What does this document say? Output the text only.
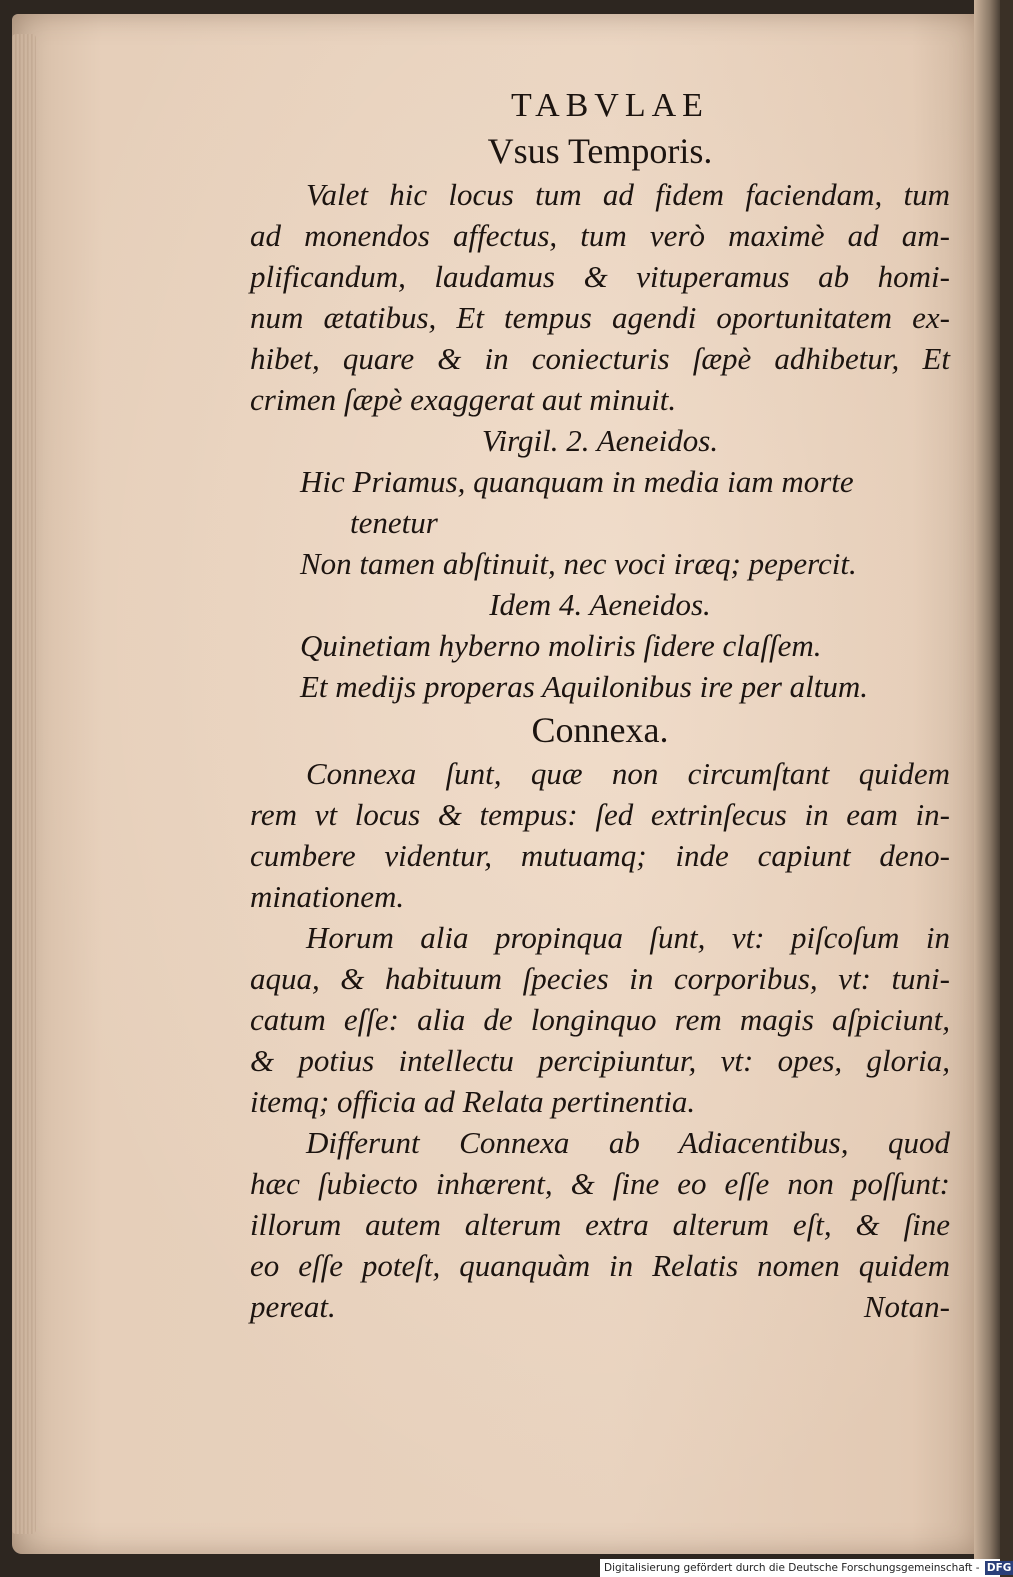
TABVLAE
Vsus Temporis.
Valet hic locus tum ad fidem faciendam, tum
ad monendos affectus, tum verò maximè ad am-
plificandum, laudamus & vituperamus ab homi-
num ætatibus, Et tempus agendi oportunitatem ex-
hibet, quare & in coniecturis ſæpè adhibetur, Et
crimen ſæpè exaggerat aut minuit.
Virgil. 2. Aeneidos.
Hic Priamus, quanquam in media iam morte
tenetur
Non tamen abſtinuit, nec voci iræq; pepercit.
Idem 4. Aeneidos.
Quinetiam hyberno moliris ſidere claſſem.
Et medijs properas Aquilonibus ire per altum.
Connexa.
Connexa ſunt, quæ non circumſtant quidem
rem vt locus & tempus: ſed extrinſecus in eam in-
cumbere videntur, mutuamq; inde capiunt deno-
minationem.
Horum alia propinqua ſunt, vt: piſcoſum in
aqua, & habituum ſpecies in corporibus, vt: tuni-
catum eſſe: alia de longinquo rem magis aſpiciunt,
& potius intellectu percipiuntur, vt: opes, gloria,
itemq; officia ad Relata pertinentia.
Differunt Connexa ab Adiacentibus, quod
hæc ſubiecto inhærent, & ſine eo eſſe non poſſunt:
illorum autem alterum extra alterum eſt, & ſine
eo eſſe poteſt, quanquàm in Relatis nomen quidem
pereat.	Notan-
Digitalisierung gefördert durch die Deutsche Forschungsgemeinschaft - DFG
